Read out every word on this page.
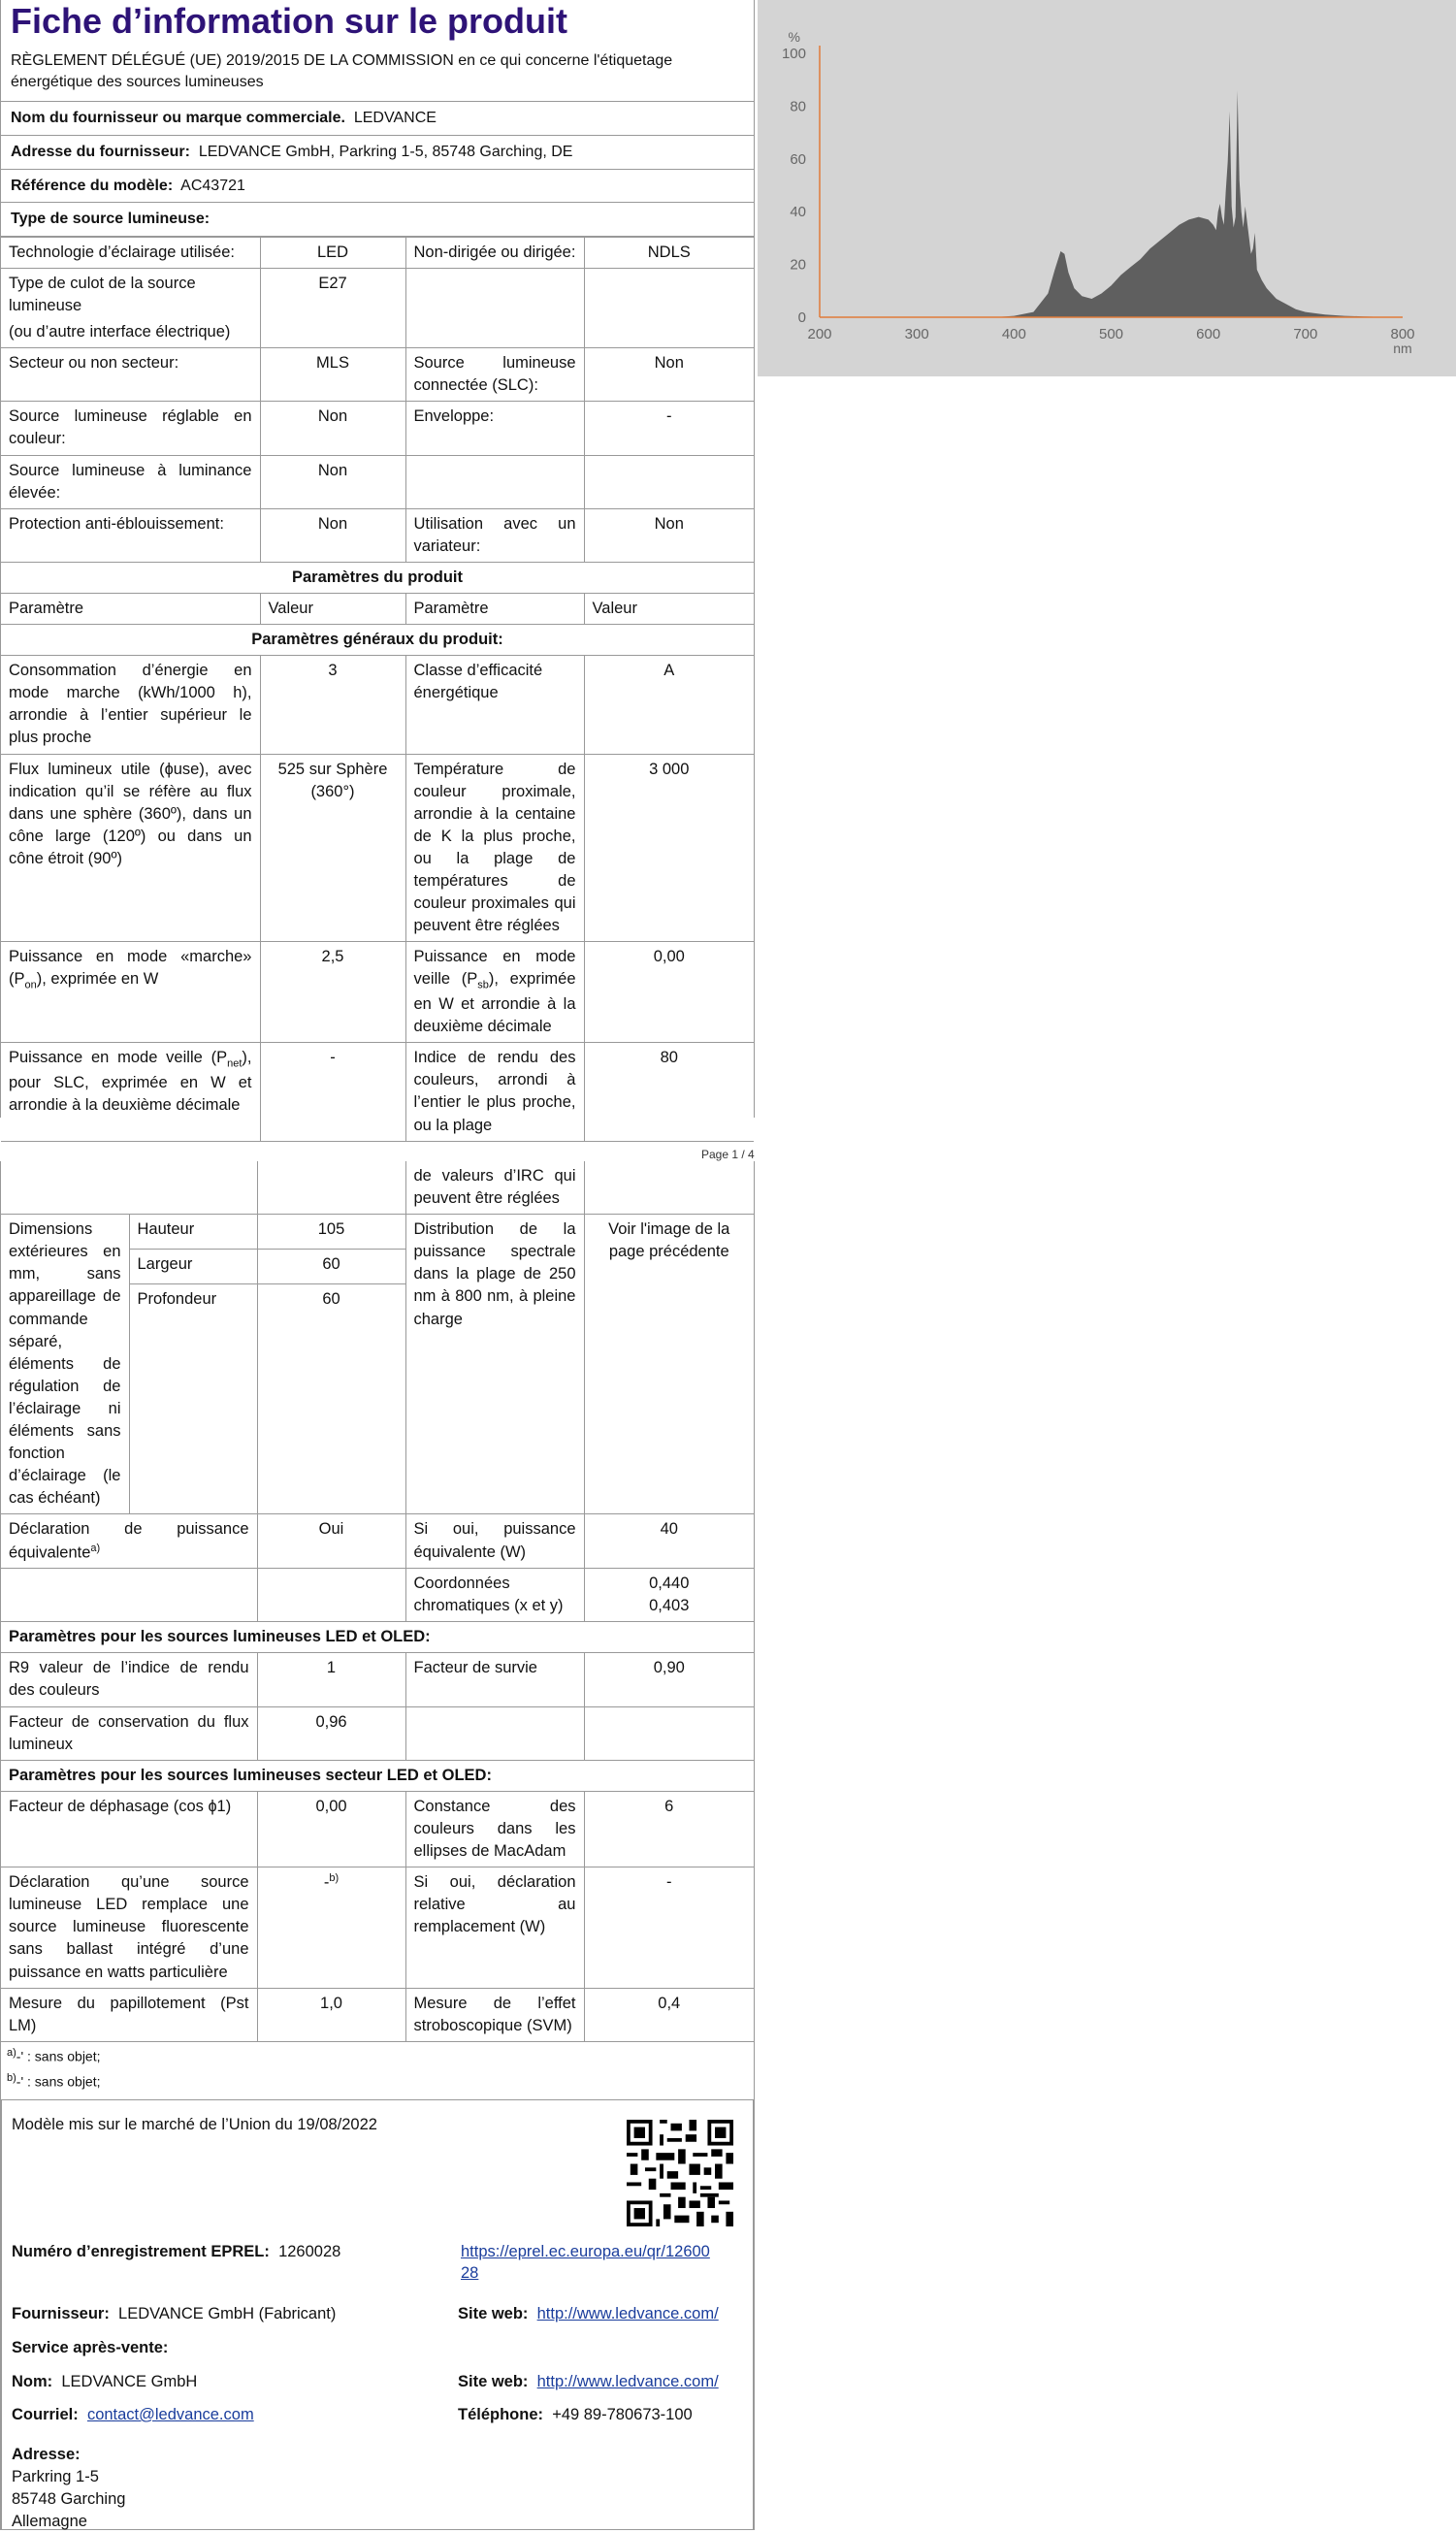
Fiche d’information sur le produit
RÈGLEMENT DÉLÉGUÉ (UE) 2019/2015 DE LA COMMISSION en ce qui concerne l'étiquetage énergétique des sources lumineuses
Nom du fournisseur ou marque commerciale. LEDVANCE
Adresse du fournisseur: LEDVANCE GmbH, Parkring 1-5, 85748 Garching, DE
Référence du modèle: AC43721
Type de source lumineuse:
Technologie d’éclairage utilisée:	LED	Non-dirigée ou dirigée:	NDLS

Type de culot de la source lumineuse
(ou d’autre interface électrique)	E27		
Secteur ou non secteur:	MLS	Source lumineuse connectée (SLC):	Non
Source lumineuse réglable en couleur:	Non	Enveloppe:	-
Source lumineuse à luminance élevée:	Non		
Protection anti-éblouissement:	Non	Utilisation avec un variateur:	Non
Paramètres du produit			
Paramètre	Valeur	Paramètre	Valeur
Paramètres généraux du produit:			
Consommation d’énergie en mode marche (kWh/1000 h), arrondie à l’entier supérieur le plus proche	3	Classe d’efficacité énergétique	A
Flux lumineux utile (ɸuse), avec indication qu’il se réfère au flux dans une sphère (360º), dans un cône large (120º) ou dans un cône étroit (90º)	525 sur Sphère (360°)	Température de couleur proximale, arrondie à la centaine de K la plus proche, ou la plage de températures de couleur proximales qui peuvent être réglées	3 000
Puissance en mode «marche» $(P_{on})$, exprimée en W	2,5	Puissance en mode veille $(P_{sb})$, exprimée en W et arrondie à la deuxième décimale	0,00
Puissance en mode veille $(P_{net})$, pour SLC, exprimée en W et arrondie à la deuxième décimale	-	Indice de rendu des couleurs, arrondi à l’entier le plus proche, ou la plage	80
Page 1 / 4
200	300	400	500	600	700	800
0
20
40
60
80
100
%
nm
			de valeurs d’IRC qui peuvent être réglées	
Dimensions extérieures en mm, sans appareillage de commande séparé, éléments de régulation de l’éclairage ni éléments sans fonction d’éclairage (le cas échéant)	Hauteur	105	Distribution de la puissance spectrale dans la plage de 250 nm à 800 nm, à pleine charge	Voir l'image de la page précédente
	Largeur	60		
	Profondeur	60		
Déclaration de puissance équivalente$^{a)}$		Oui	Si oui, puissance équivalente (W)	40
			Coordonnées chromatiques (x et y)	0,440
0,403

Paramètres pour les sources lumineuses LED et OLED:				
R9 valeur de l’indice de rendu des couleurs		1	Facteur de survie	0,90
Facteur de conservation du flux lumineux		0,96		
Paramètres pour les sources lumineuses secteur LED et OLED:				
Facteur de déphasage (cos ɸ1)		0,00	Constance des couleurs dans les ellipses de MacAdam	6
Déclaration qu’une source lumineuse LED remplace une source lumineuse fluorescente sans ballast intégré d’une puissance en watts particulière		-$^{b)}$	Si oui, déclaration relative au remplacement (W)	-
Mesure du papillotement (Pst LM)		1,0	Mesure de l’effet stroboscopique (SVM)	0,4
$^{a)}$-' : sans objet;
$^{b)}$-' : sans objet;
Modèle mis sur le marché de l’Union du 19/08/2022
Numéro d’enregistrement EPREL: 1260028	https://eprel.ec.europa.eu/qr/1260028
Fournisseur: LEDVANCE GmbH (Fabricant)	Site web: http://www.ledvance.com/
Service après-vente:
Nom: LEDVANCE GmbH	Site web: http://www.ledvance.com/
Courriel: contact@ledvance.com	Téléphone: +49 89-780673-100
Adresse:
Parkring 1-5
85748 Garching
Allemagne
